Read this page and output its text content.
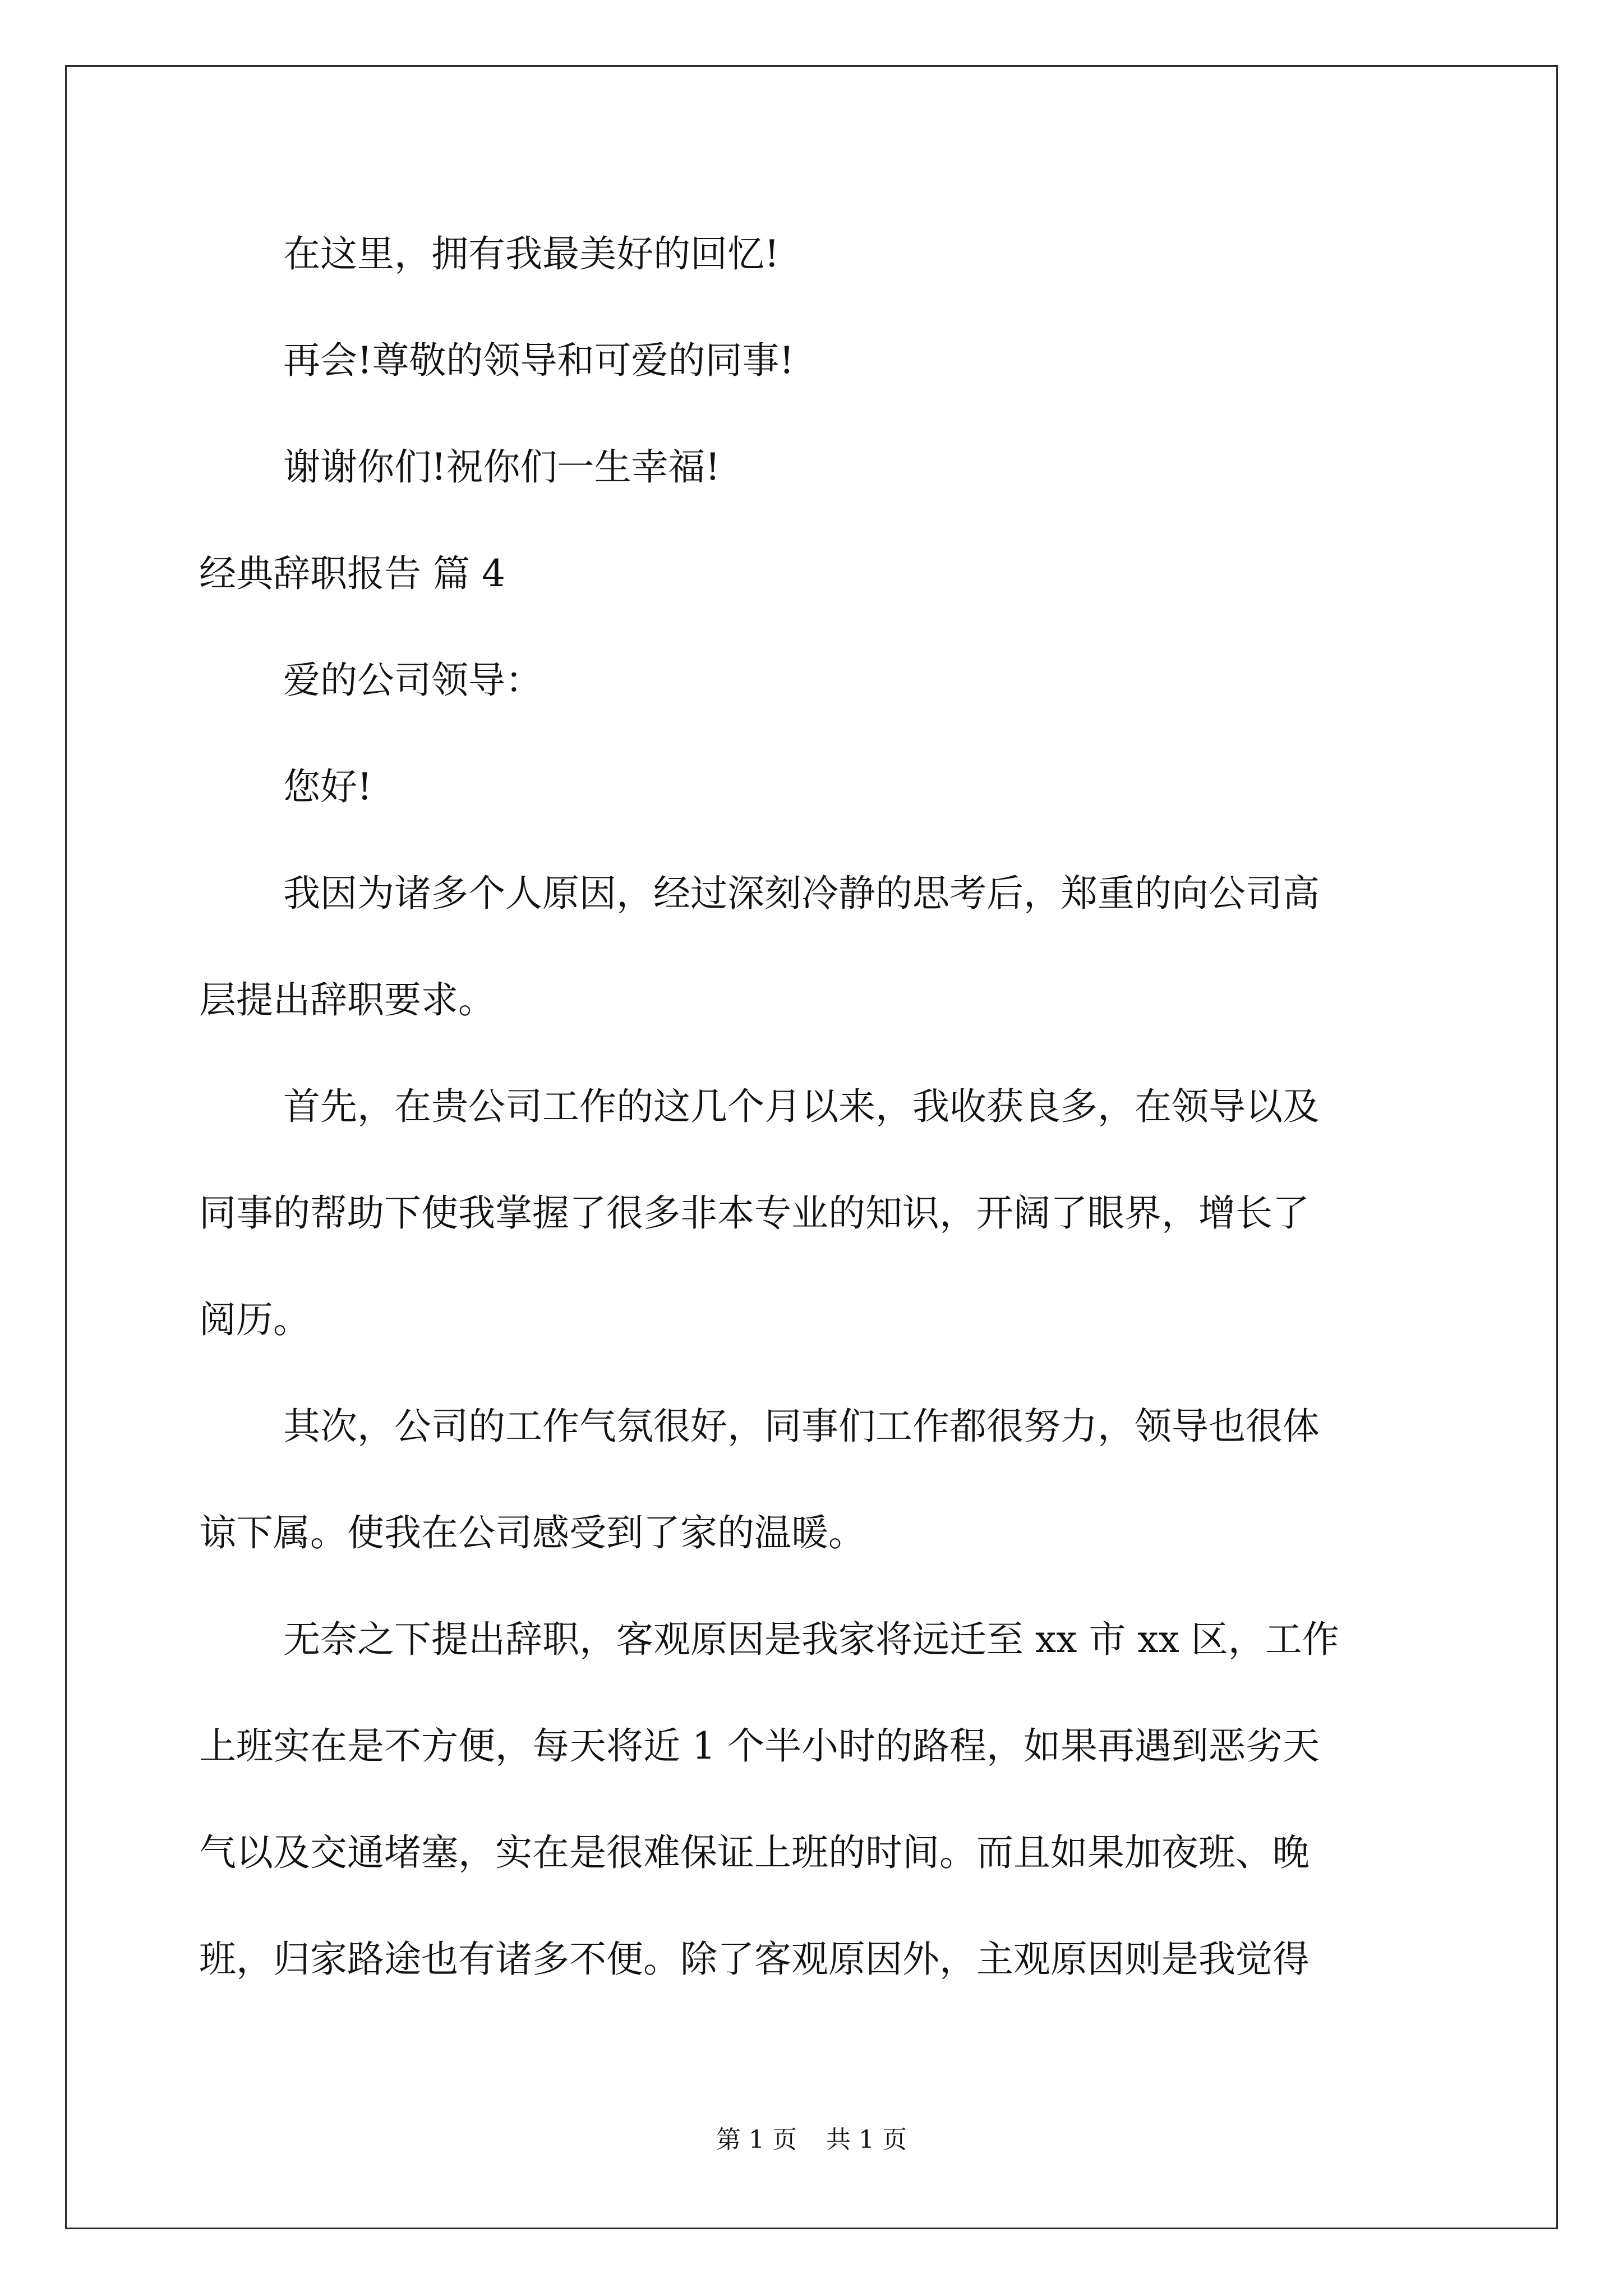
在这里，拥有我最美好的回忆!
再会!尊敬的领导和可爱的同事!
谢谢你们!祝你们一生幸福!
经典辞职报告 篇 4
爱的公司领导：
您好!
我因为诸多个人原因，经过深刻冷静的思考后，郑重的向公司高
层提出辞职要求。
首先，在贵公司工作的这几个月以来，我收获良多，在领导以及
同事的帮助下使我掌握了很多非本专业的知识，开阔了眼界，增长了
阅历。
其次，公司的工作气氛很好，同事们工作都很努力，领导也很体
谅下属。使我在公司感受到了家的温暖。
无奈之下提出辞职，客观原因是我家将远迁至 xx 市 xx 区，工作
上班实在是不方便，每天将近 1 个半小时的路程，如果再遇到恶劣天
气以及交通堵塞，实在是很难保证上班的时间。而且如果加夜班、晚
班，归家路途也有诸多不便。除了客观原因外，主观原因则是我觉得
第 1 页 共 1 页
